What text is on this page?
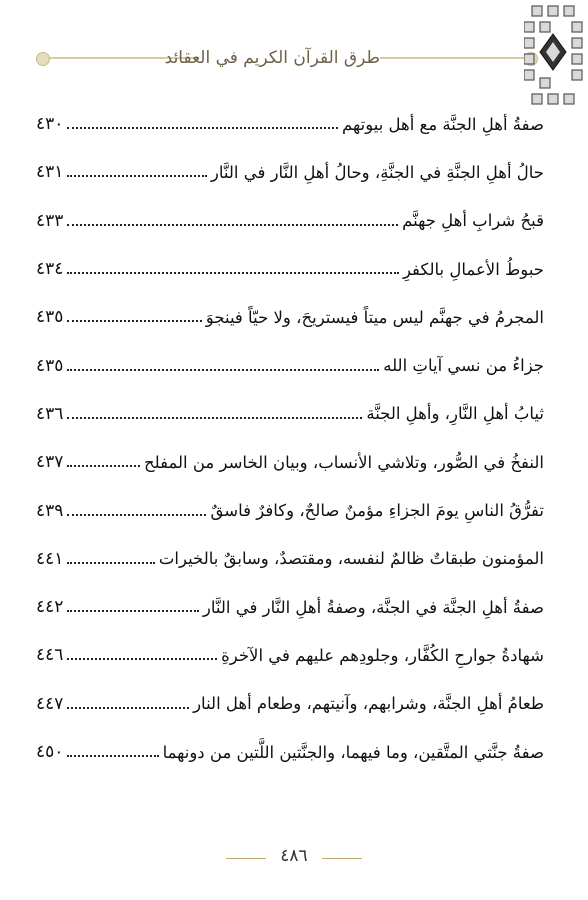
طرق القرآن الكريم في العقائد
صفةُ أهلِ الجنَّة مع أهل بيوتهم
٤٣٠
حالُ أهلِ الجنَّةِ في الجنَّةِ، وحالُ أهلِ النَّار في النَّار
٤٣١
قبحُ شرابِ أهلِ جهنَّم
٤٣٣
حبوطُ الأعمالِ بالكفرِ
٤٣٤
المجرمُ في جهنَّم ليس ميتاً فيستريحَ، ولا حيّاً فينجوَ
٤٣٥
جزاءُ من نسي آياتِ الله
٤٣٥
ثيابُ أهلِ النَّارِ، وأهلِ الجنَّة
٤٣٦
النفخُ في الصُّور، وتلاشي الأنساب، وبيان الخاسر من المفلح
٤٣٧
تفرُّقُ الناسِ يومَ الجزاءِ مؤمنٌ صالحٌ، وكافرٌ فاسقٌ
٤٣٩
المؤمنون طبقاتٌ ظالمٌ لنفسه، ومقتصدٌ، وسابقٌ بالخيرات
٤٤١
صفةُ أهلِ الجنَّة في الجنَّة، وصفةُ أهلِ النَّار في النَّار
٤٤٢
شهادةُ جوارحِ الكُفَّار، وجلودِهم عليهم في الآخرةِ
٤٤٦
طعامُ أهلِ الجنَّة، وشرابهم، وآنيتهم، وطعام أهل النار
٤٤٧
صفةُ جنَّتي المتَّقين، وما فيهما، والجنَّتين اللَّتين من دونهما
٤٥٠
٤٨٦
